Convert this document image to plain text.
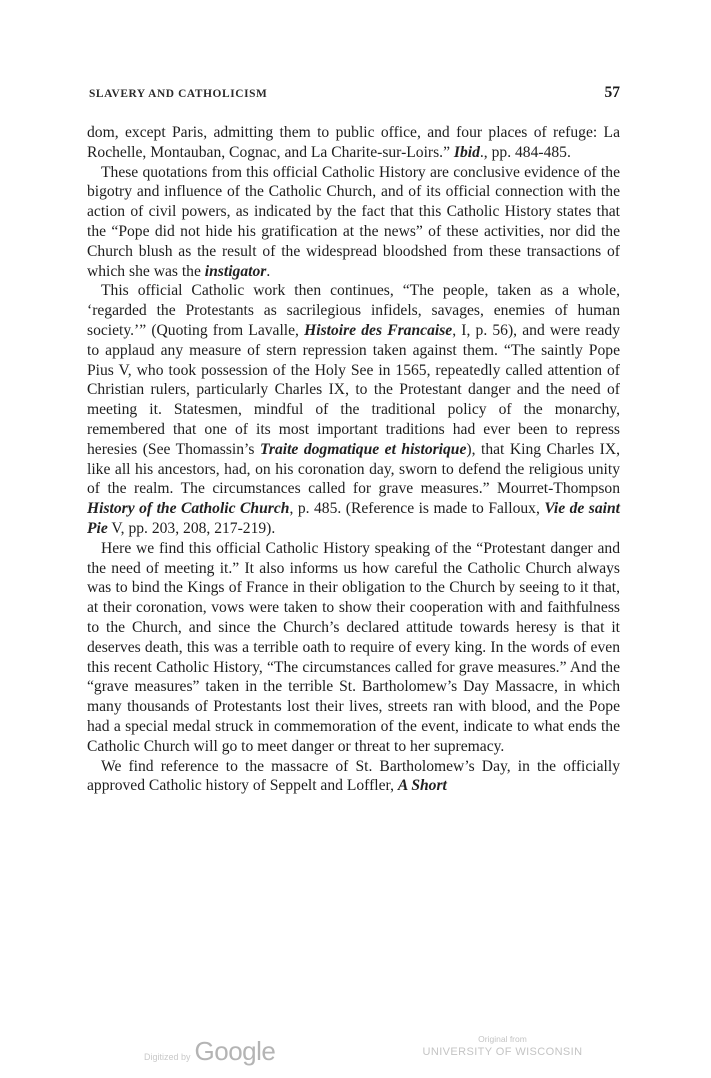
SLAVERY AND CATHOLICISM	57

dom, except Paris, admitting them to public office, and four places of refuge: La Rochelle, Montauban, Cognac, and La Charite-sur-Loirs.” Ibid., pp. 484-485.

These quotations from this official Catholic History are conclusive evidence of the bigotry and influence of the Catholic Church, and of its official connection with the action of civil powers, as indicated by the fact that this Catholic History states that the “Pope did not hide his gratification at the news” of these activities, nor did the Church blush as the result of the widespread bloodshed from these transactions of which she was the instigator.

This official Catholic work then continues, “The people, taken as a whole, ‘regarded the Protestants as sacrilegious infidels, savages, enemies of human society.’” (Quoting from Lavalle, Histoire des Francaise, I, p. 56), and were ready to applaud any measure of stern repression taken against them. “The saintly Pope Pius V, who took possession of the Holy See in 1565, repeatedly called attention of Christian rulers, particularly Charles IX, to the Protestant danger and the need of meeting it. Statesmen, mindful of the traditional policy of the monarchy, remembered that one of its most important traditions had ever been to repress heresies (See Thomassin’s Traite dogmatique et historique), that King Charles IX, like all his ancestors, had, on his coronation day, sworn to defend the religious unity of the realm. The circumstances called for grave measures.” Mourret-Thompson History of the Catholic Church, p. 485. (Reference is made to Falloux, Vie de saint Pie V, pp. 203, 208, 217-219).

Here we find this official Catholic History speaking of the “Protestant danger and the need of meeting it.” It also informs us how careful the Catholic Church always was to bind the Kings of France in their obligation to the Church by seeing to it that, at their coronation, vows were taken to show their cooperation with and faithfulness to the Church, and since the Church’s declared attitude towards heresy is that it deserves death, this was a terrible oath to require of every king. In the words of even this recent Catholic History, “The circumstances called for grave measures.” And the “grave measures” taken in the terrible St. Bartholomew’s Day Massacre, in which many thousands of Protestants lost their lives, streets ran with blood, and the Pope had a special medal struck in commemoration of the event, indicate to what ends the Catholic Church will go to meet danger or threat to her supremacy.

We find reference to the massacre of St. Bartholomew’s Day, in the officially approved Catholic history of Seppelt and Loffler, A Short

Digitized by Google	Original from
UNIVERSITY OF WISCONSIN
